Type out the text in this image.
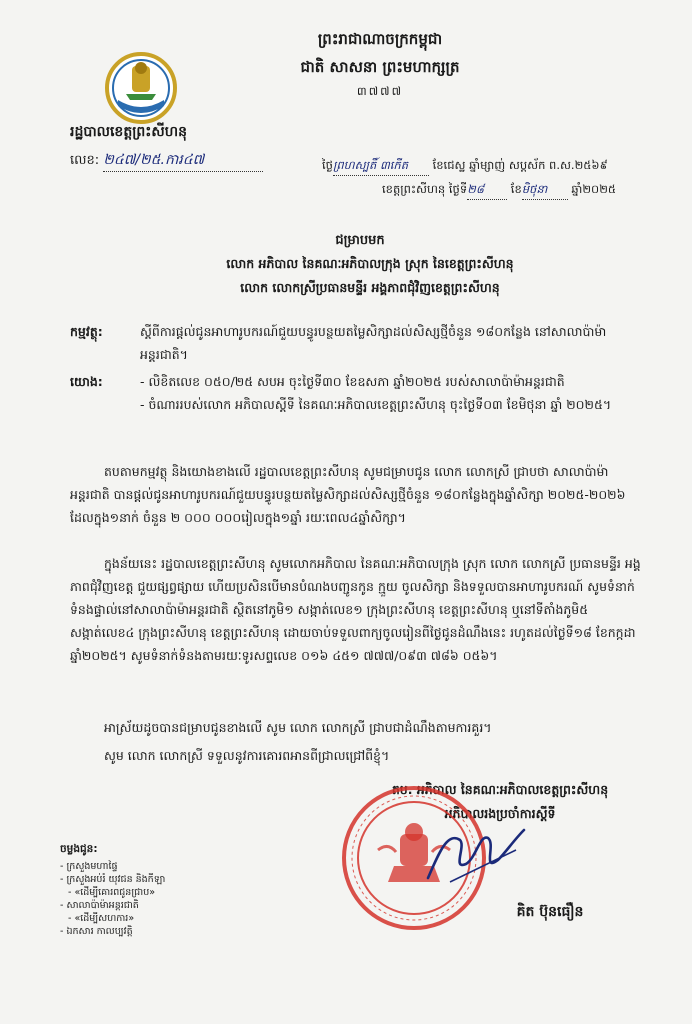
ព្រះរាជាណាចក្រកម្ពុជា
ជាតិ សាសនា ព្រះមហាក្សត្រ
៣៧៧៧
រដ្ឋបាលខេត្តព្រះសីហនុ
លេខ: ២៤៧/២៥.ការ៤៧	ថ្ងៃព្រហស្បតិ៍ ៣កើត ខែជេស្ឋ ឆ្នាំម្សាញ់ សប្តស័ក ព.ស.២៥៦៩
ខេត្តព្រះសីហនុ ថ្ងៃទី២៨ ខែមិថុនា ឆ្នាំ២០២៥
ជម្រាបមក
លោក អភិបាល នៃគណៈអភិបាលក្រុង ស្រុក នៃខេត្តព្រះសីហនុ
លោក លោកស្រីប្រធានមន្ទីរ អង្គភាពជុំវិញខេត្តព្រះសីហនុ
កម្មវត្ថុ:	ស្តីពីការផ្តល់ជូនអាហារូបករណ៍ជួយបន្ធូរបន្ថយតម្លៃសិក្សាដល់សិស្សថ្មីចំនួន ១៨០កន្លែង នៅសាលាប៉ាម៉ាអន្តរជាតិ។
យោង:	- លិខិតលេខ ០៥០/២៥ សបអ ចុះថ្ងៃទី៣០ ខែឧសភា ឆ្នាំ២០២៥ របស់សាលាប៉ាម៉ាអន្តរជាតិ
- ចំណាររបស់លោក អភិបាលស្តីទី នៃគណៈអភិបាលខេត្តព្រះសីហនុ ចុះថ្ងៃទី០៣ ខែមិថុនា ឆ្នាំ ២០២៥។
តបតាមកម្មវត្ថុ និងយោងខាងលើ រដ្ឋបាលខេត្តព្រះសីហនុ សូមជម្រាបជូន លោក លោកស្រី ជ្រាបថា សាលាប៉ាម៉ាអន្តរជាតិ បានផ្តល់ជូនអាហារូបករណ៍ជួយបន្ធូរបន្ថយតម្លៃសិក្សាដល់សិស្សថ្មីចំនួន ១៨០កន្លែងក្នុងឆ្នាំសិក្សា ២០២៥-២០២៦ ដែលក្នុង១នាក់ ចំនួន ២ ០០០ ០០០រៀលក្នុង១ឆ្នាំ រយៈពេល៤ឆ្នាំសិក្សា។
ក្នុងន័យនេះ រដ្ឋបាលខេត្តព្រះសីហនុ សូមលោកអភិបាល នៃគណៈអភិបាលក្រុង ស្រុក លោក លោកស្រី ប្រធានមន្ទីរ អង្គភាពជុំវិញខេត្ត ជួយផ្សព្វផ្សាយ ហើយប្រសិនបើមានបំណងបញ្ជូនកូន ក្មួយ ចូលសិក្សា និងទទួលបានអាហារូបករណ៍ សូមទំនាក់ទំនងផ្ទាល់នៅសាលាប៉ាម៉ាអន្តរជាតិ ស្ថិតនៅភូមិ១ សង្កាត់លេខ១ ក្រុងព្រះសីហនុ ខេត្តព្រះសីហនុ ឬនៅទីតាំងភូមិ៥ សង្កាត់លេខ៤ ក្រុងព្រះសីហនុ ខេត្តព្រះសីហនុ ដោយចាប់ទទួលពាក្យចូលរៀនពីថ្ងៃជូនដំណឹងនេះ រហូតដល់ថ្ងៃទី១៨ ខែកក្កដា ឆ្នាំ២០២៥។ សូមទំនាក់ទំនងតាមរយៈទូរសព្ទលេខ ០១៦ ៤៥១ ៧៧៧/០៩៣ ៧៨៦ ០៥៦។
អាស្រ័យដូចបានជម្រាបជូនខាងលើ សូម លោក លោកស្រី ជ្រាបជាដំណឹងតាមការគួរ។
សូម លោក លោកស្រី ទទួលនូវការគោរពអានពីជ្រាលជ្រៅពីខ្ញុំ។
តប. អភិបាល នៃគណៈអភិបាលខេត្តព្រះសីហនុ
អភិបាលរងប្រចាំការស្តីទី
គិត ប៊ុនធឿន
ចម្លងជូន:
- ក្រសួងមហាផ្ទៃ
- ក្រសួងអប់រំ យុវជន និងកីឡា
- «ដើម្បីគោរពជូនជ្រាប»
- សាលាប៉ាម៉ាអន្តរជាតិ
- «ដើម្បីសហការ»
- ឯកសារ កាលប្បវត្តិ
